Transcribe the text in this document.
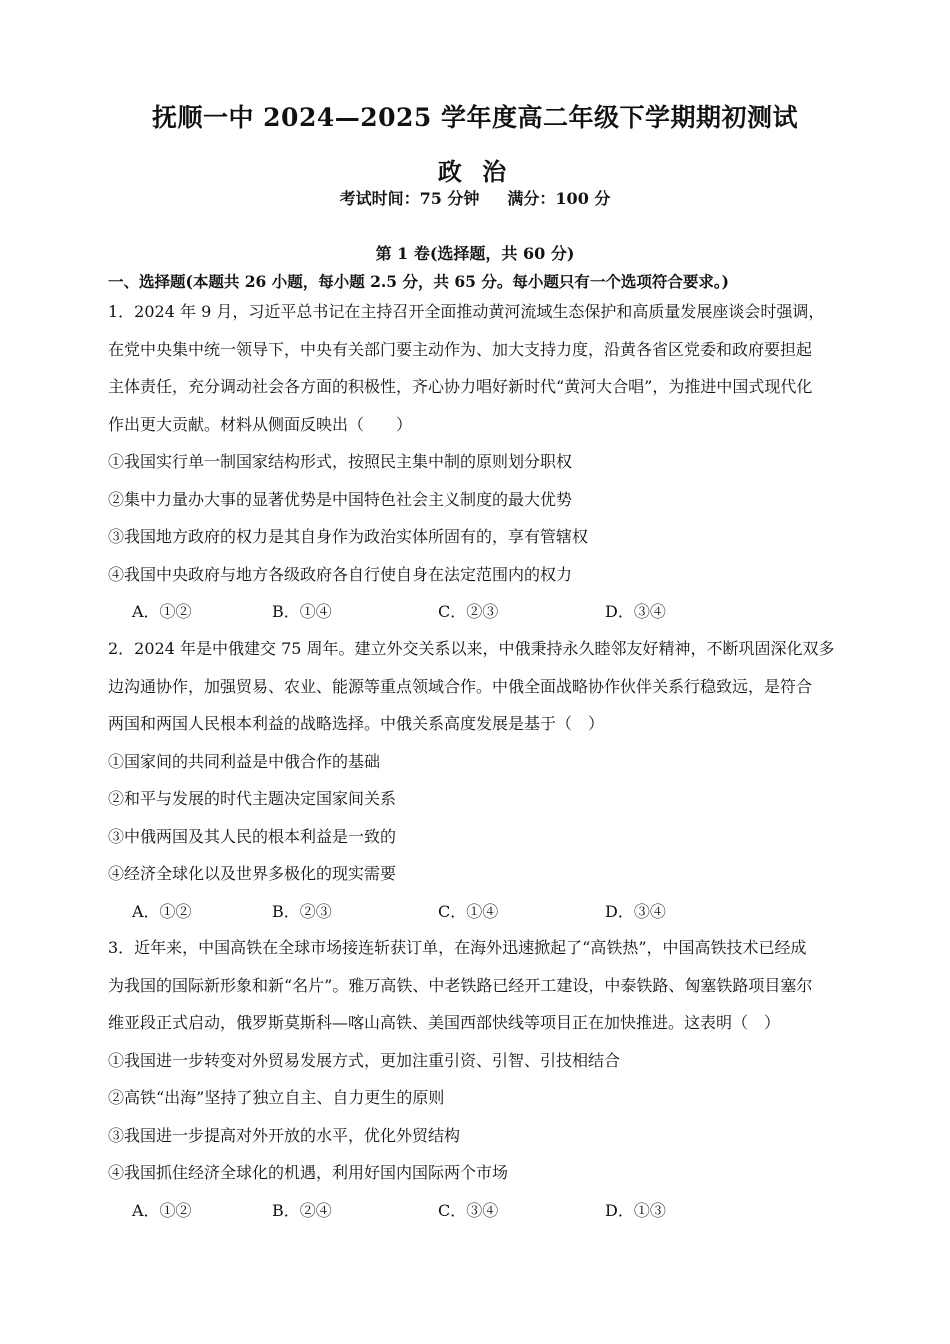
抚顺一中 2024—2025 学年度高二年级下学期期初测试
政 治
考试时间：75 分钟 满分：100 分
第 1 卷(选择题，共 60 分)
一、选择题(本题共 26 小题，每小题 2.5 分，共 65 分。每小题只有一个选项符合要求。)
1．2024 年 9 月，习近平总书记在主持召开全面推动黄河流域生态保护和高质量发展座谈会时强调，
在党中央集中统一领导下，中央有关部门要主动作为、加大支持力度，沿黄各省区党委和政府要担起
主体责任，充分调动社会各方面的积极性，齐心协力唱好新时代“黄河大合唱”，为推进中国式现代化
作出更大贡献。材料从侧面反映出（　　）
①我国实行单一制国家结构形式，按照民主集中制的原则划分职权
②集中力量办大事的显著优势是中国特色社会主义制度的最大优势
③我国地方政府的权力是其自身作为政治实体所固有的，享有管辖权
④我国中央政府与地方各级政府各自行使自身在法定范围内的权力
A．①②	B．①④	C．②③	D．③④
2．2024 年是中俄建交 75 周年。建立外交关系以来，中俄秉持永久睦邻友好精神，不断巩固深化双多
边沟通协作，加强贸易、农业、能源等重点领域合作。中俄全面战略协作伙伴关系行稳致远，是符合
两国和两国人民根本利益的战略选择。中俄关系高度发展是基于（　）
①国家间的共同利益是中俄合作的基础
②和平与发展的时代主题决定国家间关系
③中俄两国及其人民的根本利益是一致的
④经济全球化以及世界多极化的现实需要
A．①②	B．②③	C．①④	D．③④
3．近年来，中国高铁在全球市场接连斩获订单，在海外迅速掀起了“高铁热”，中国高铁技术已经成
为我国的国际新形象和新“名片”。雅万高铁、中老铁路已经开工建设，中泰铁路、匈塞铁路项目塞尔
维亚段正式启动，俄罗斯莫斯科—喀山高铁、美国西部快线等项目正在加快推进。这表明（　）
①我国进一步转变对外贸易发展方式，更加注重引资、引智、引技相结合
②高铁“出海”坚持了独立自主、自力更生的原则
③我国进一步提高对外开放的水平，优化外贸结构
④我国抓住经济全球化的机遇，利用好国内国际两个市场
A．①②	B．②④	C．③④	D．①③
